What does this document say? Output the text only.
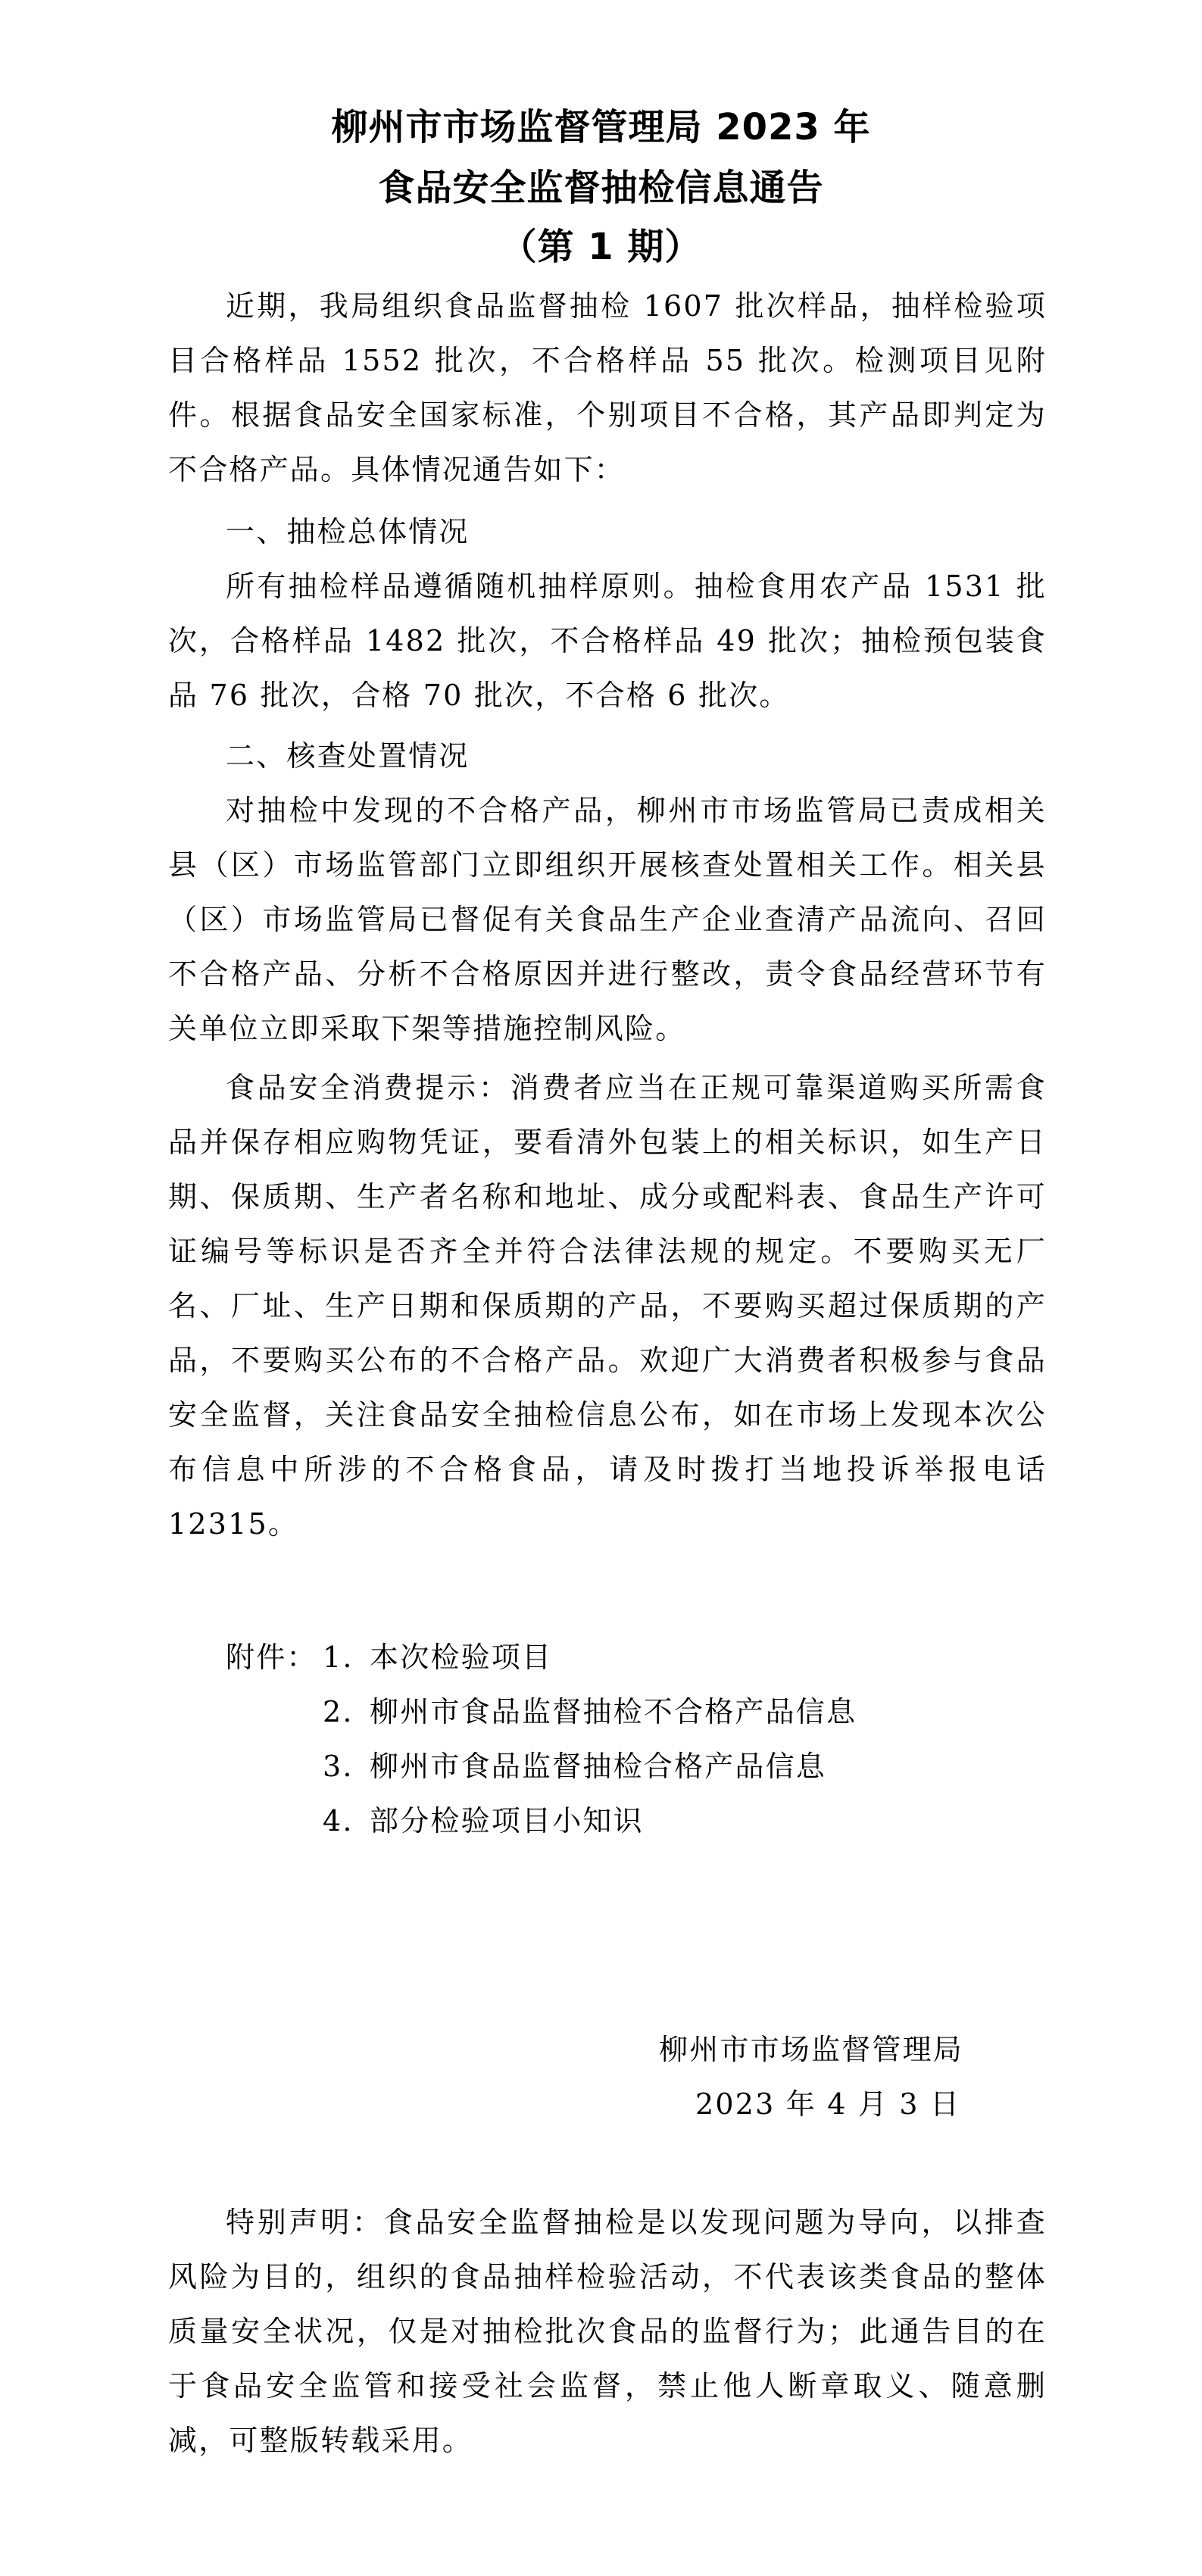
柳州市市场监督管理局 2023 年
食品安全监督抽检信息通告
（第 1 期）

近期，我局组织食品监督抽检 1607 批次样品，抽样检验项目合格样品 1552 批次，不合格样品 55 批次。检测项目见附件。根据食品安全国家标准，个别项目不合格，其产品即判定为不合格产品。具体情况通告如下：

一、抽检总体情况

所有抽检样品遵循随机抽样原则。抽检食用农产品 1531 批次，合格样品 1482 批次，不合格样品 49 批次；抽检预包装食品 76 批次，合格 70 批次，不合格 6 批次。

二、核查处置情况

对抽检中发现的不合格产品，柳州市市场监管局已责成相关县（区）市场监管部门立即组织开展核查处置相关工作。相关县（区）市场监管局已督促有关食品生产企业查清产品流向、召回不合格产品、分析不合格原因并进行整改，责令食品经营环节有关单位立即采取下架等措施控制风险。

食品安全消费提示：消费者应当在正规可靠渠道购买所需食品并保存相应购物凭证，要看清外包装上的相关标识，如生产日期、保质期、生产者名称和地址、成分或配料表、食品生产许可证编号等标识是否齐全并符合法律法规的规定。不要购买无厂名、厂址、生产日期和保质期的产品，不要购买超过保质期的产品，不要购买公布的不合格产品。欢迎广大消费者积极参与食品安全监督，关注食品安全抽检信息公布，如在市场上发现本次公布信息中所涉的不合格食品，请及时拨打当地投诉举报电话 12315。

附件： 1. 本次检验项目
2. 柳州市食品监督抽检不合格产品信息
3. 柳州市食品监督抽检合格产品信息
4. 部分检验项目小知识

柳州市市场监督管理局

2023 年 4 月 3 日

特别声明：食品安全监督抽检是以发现问题为导向，以排查风险为目的，组织的食品抽样检验活动，不代表该类食品的整体质量安全状况，仅是对抽检批次食品的监督行为；此通告目的在于食品安全监管和接受社会监督，禁止他人断章取义、随意删减，可整版转载采用。
